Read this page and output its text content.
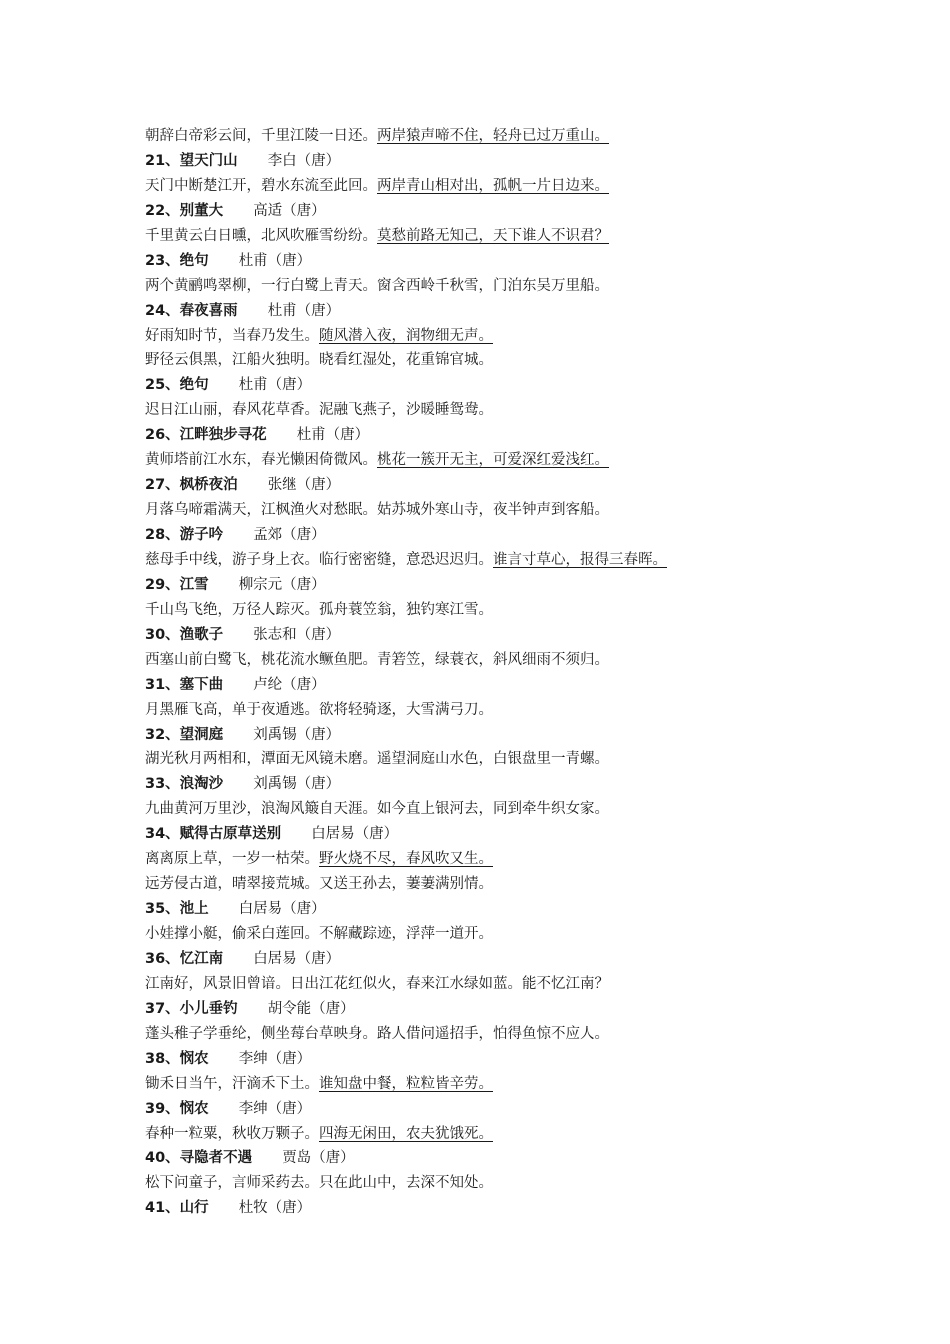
朝辞白帝彩云间，千里江陵一日还。两岸猿声啼不住，轻舟已过万重山。
21、望天门山 李白（唐）
天门中断楚江开，碧水东流至此回。两岸青山相对出，孤帆一片日边来。
22、别董大 高适（唐）
千里黄云白日曛，北风吹雁雪纷纷。莫愁前路无知己，天下谁人不识君？
23、绝句 杜甫（唐）
两个黄鹂鸣翠柳，一行白鹭上青天。窗含西岭千秋雪，门泊东吴万里船。
24、春夜喜雨 杜甫（唐）
好雨知时节，当春乃发生。随风潜入夜，润物细无声。
野径云俱黑，江船火独明。晓看红湿处，花重锦官城。
25、绝句 杜甫（唐）
迟日江山丽，春风花草香。泥融飞燕子，沙暖睡鸳鸯。
26、江畔独步寻花 杜甫（唐）
黄师塔前江水东，春光懒困倚微风。桃花一簇开无主，可爱深红爱浅红。
27、枫桥夜泊 张继（唐）
月落乌啼霜满天，江枫渔火对愁眠。姑苏城外寒山寺，夜半钟声到客船。
28、游子吟 孟郊（唐）
慈母手中线，游子身上衣。临行密密缝，意恐迟迟归。谁言寸草心，报得三春晖。
29、江雪 柳宗元（唐）
千山鸟飞绝，万径人踪灭。孤舟蓑笠翁，独钓寒江雪。
30、渔歌子 张志和（唐）
西塞山前白鹭飞，桃花流水鳜鱼肥。青箬笠，绿蓑衣，斜风细雨不须归。
31、塞下曲 卢纶（唐）
月黑雁飞高，单于夜遁逃。欲将轻骑逐，大雪满弓刀。
32、望洞庭 刘禹锡（唐）
湖光秋月两相和，潭面无风镜未磨。遥望洞庭山水色，白银盘里一青螺。
33、浪淘沙 刘禹锡（唐）
九曲黄河万里沙，浪淘风簸自天涯。如今直上银河去，同到牵牛织女家。
34、赋得古原草送别 白居易（唐）
离离原上草，一岁一枯荣。野火烧不尽，春风吹又生。
远芳侵古道，晴翠接荒城。又送王孙去，萋萋满别情。
35、池上 白居易（唐）
小娃撑小艇，偷采白莲回。不解藏踪迹，浮萍一道开。
36、忆江南 白居易（唐）
江南好，风景旧曾谙。日出江花红似火，春来江水绿如蓝。能不忆江南？
37、小儿垂钓 胡令能（唐）
蓬头稚子学垂纶，侧坐莓台草映身。路人借问遥招手，怕得鱼惊不应人。
38、悯农 李绅（唐）
锄禾日当午，汗滴禾下土。谁知盘中餐，粒粒皆辛劳。
39、悯农 李绅（唐）
春种一粒粟，秋收万颗子。四海无闲田，农夫犹饿死。
40、寻隐者不遇 贾岛（唐）
松下问童子，言师采药去。只在此山中，去深不知处。
41、山行 杜牧（唐）
